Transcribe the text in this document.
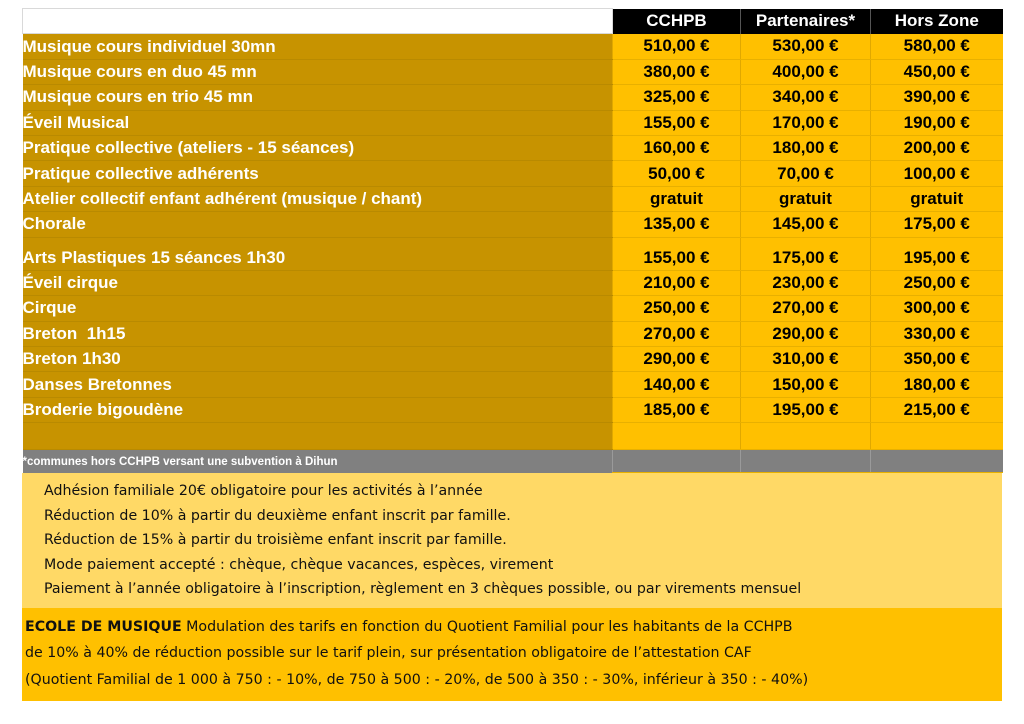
	CCHPB	Partenaires*	Hors Zone
Musique cours individuel 30mn	510,00 €	530,00 €	580,00 €
Musique cours en duo 45 mn	380,00 €	400,00 €	450,00 €
Musique cours en trio 45 mn	325,00 €	340,00 €	390,00 €
Éveil Musical	155,00 €	170,00 €	190,00 €
Pratique collective (ateliers - 15 séances)	160,00 €	180,00 €	200,00 €
Pratique collective adhérents	50,00 €	70,00 €	100,00 €
Atelier collectif enfant adhérent (musique / chant)	gratuit	gratuit	gratuit
Chorale	135,00 €	145,00 €	175,00 €

Arts Plastiques 15 séances 1h30	155,00 €	175,00 €	195,00 €
Éveil cirque	210,00 €	230,00 €	250,00 €
Cirque	250,00 €	270,00 €	300,00 €
Breton  1h15	270,00 €	290,00 €	330,00 €
Breton 1h30	290,00 €	310,00 €	350,00 €
Danses Bretonnes	140,00 €	150,00 €	180,00 €
Broderie bigoudène	185,00 €	195,00 €	215,00 €

*communes hors CCHPB versant une subvention à Dihun			
Adhésion familiale 20€ obligatoire pour les activités à l’année
Réduction de 10% à partir du deuxième enfant inscrit par famille.
Réduction de 15% à partir du troisième enfant inscrit par famille.
Mode paiement accepté : chèque, chèque vacances, espèces, virement
Paiement à l’année obligatoire à l’inscription, règlement en 3 chèques possible, ou par virements mensuel
ECOLE DE MUSIQUE Modulation des tarifs en fonction du Quotient Familial pour les habitants de la CCHPB
de 10% à 40% de réduction possible sur le tarif plein, sur présentation obligatoire de l’attestation CAF
(Quotient Familial de 1 000 à 750 : - 10%, de 750 à 500 : - 20%, de 500 à 350 : - 30%, inférieur à 350 : - 40%)
